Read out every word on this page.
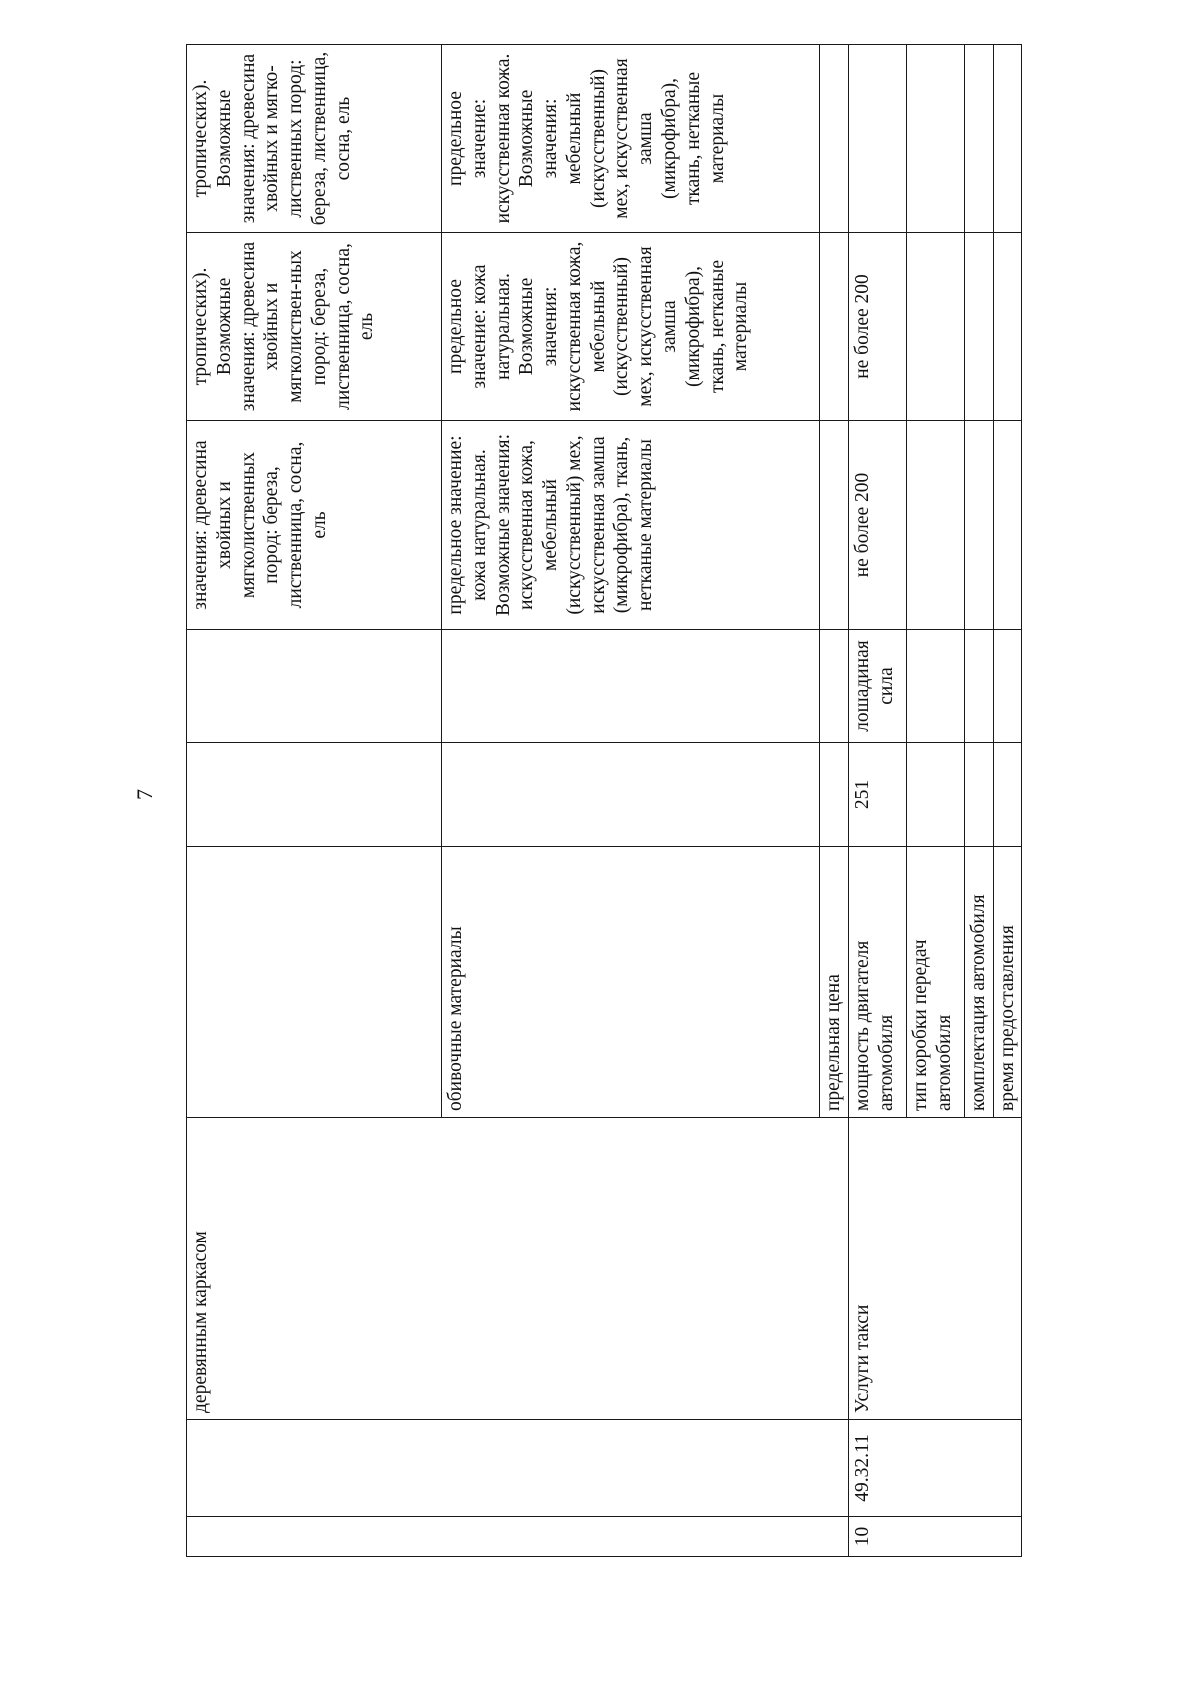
7
		деревянным каркасом				значения: древесина хвойных и мягколиственных пород: береза, лиственница, сосна, ель	тропических). Возможные значения: древесина хвойных и мягколиствен-ных пород: береза, лиственница, сосна, ель	тропических). Возможные значения: древесина хвойных и мягко-лиственных пород: береза, лиственница, сосна, ель
			обивочные материалы			предельное значение: кожа натуральная. Возможные значения: искусственная кожа, мебельный (искусственный) мех, искусственная замша (микрофибра), ткань, нетканые материалы	предельное значение: кожа натуральная. Возможные значения: искусственная кожа, мебельный (искусственный) мех, искусственная замша (микрофибра), ткань, нетканые материалы	предельное значение: искусственная кожа. Возможные значения: мебельный (искусственный) мех, искусственная замша (микрофибра), ткань, нетканые материалы
			предельная цена					
10	49.32.11	Услуги такси	мощность двигателя автомобиля	251	лошадиная сила	не более 200	не более 200	
			тип коробки передач автомобиля					
			комплектация автомобиля					
			время предоставления					
